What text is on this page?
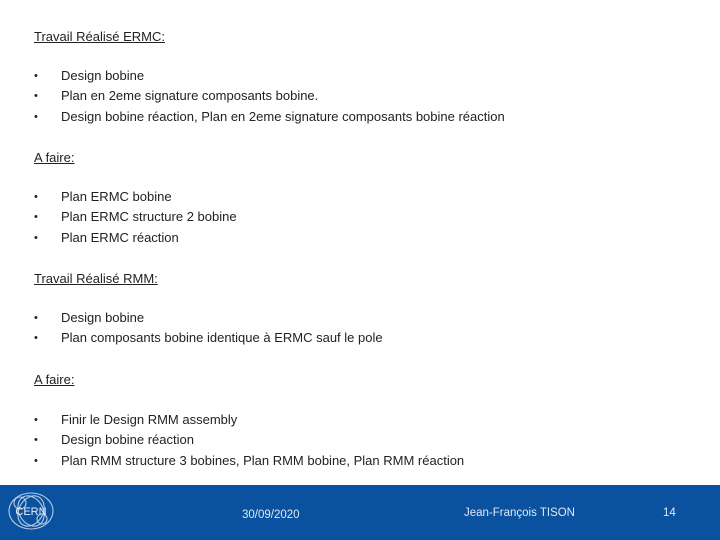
Travail Réalisé ERMC:
•	Design bobine
•	Plan en 2eme signature composants bobine.
•	Design bobine réaction, Plan en 2eme signature composants bobine réaction
A faire:
•	Plan ERMC bobine
•	Plan ERMC structure 2 bobine
•	Plan ERMC réaction
Travail Réalisé RMM:
•	Design bobine
•	Plan composants bobine identique à ERMC sauf le pole
A faire:
•	Finir le Design RMM assembly
•	Design bobine réaction
•	Plan RMM structure 3 bobines, Plan RMM bobine, Plan RMM réaction
CERN	30/09/2020	Jean-François TISON	14
